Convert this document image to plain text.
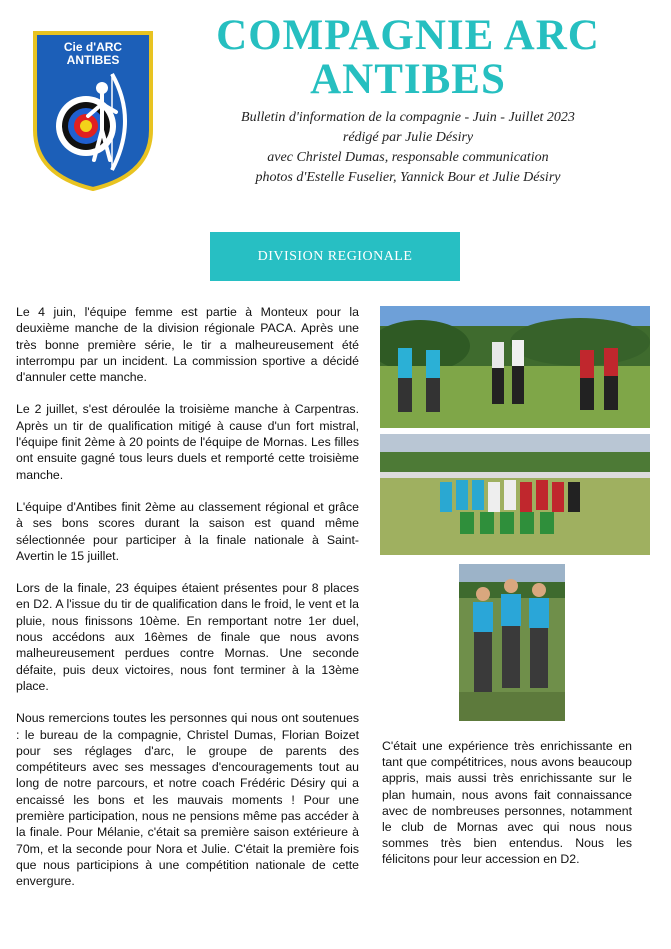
Cie d'ARC
ANTIBES
COMPAGNIE ARC
ANTIBES
Bulletin d'information de la compagnie - Juin - Juillet 2023
rédigé par Julie Désiry
avec Christel Dumas, responsable communication
photos d'Estelle Fuselier, Yannick Bour et Julie Désiry
DIVISION REGIONALE

Le 4 juin, l'équipe femme est partie à Monteux pour la deuxième manche de la division régionale PACA. Après une très bonne première série, le tir a malheureusement été interrompu par un incident. La commission sportive a décidé d'annuler cette manche.

Le 2 juillet, s'est déroulée la troisième manche à Carpentras. Après un tir de qualification mitigé à cause d'un fort mistral, l'équipe finit 2ème à 20 points de l'équipe de Mornas. Les filles ont ensuite gagné tous leurs duels et remporté cette troisième manche.

L'équipe d'Antibes finit 2ème au classement régional et grâce à ses bons scores durant la saison est quand même sélectionnée pour participer à la finale nationale à Saint-Avertin le 15 juillet.

Lors de la finale, 23 équipes étaient présentes pour 8 places en D2. A l'issue du tir de qualification dans le froid, le vent et la pluie, nous finissons 10ème. En remportant notre 1er duel, nous accédons aux 16èmes de finale que nous avons malheureusement perdues contre Mornas. Une seconde défaite, puis deux victoires, nous font terminer à la 13ème place.

Nous remercions toutes les personnes qui nous ont soutenues : le bureau de la compagnie, Christel Dumas, Florian Boizet pour ses réglages d'arc, le groupe de parents des compétiteurs avec ses messages d'encouragements tout au long de notre parcours, et notre coach Frédéric Désiry qui a encaissé les bons et les mauvais moments ! Pour une première participation, nous ne pensions même pas accéder à la finale. Pour Mélanie, c'était sa première saison extérieure à 70m, et la seconde pour Nora et Julie. C'était la première fois que nous participions à une compétition nationale de cette envergure.

C'était une expérience très enrichissante en tant que compétitrices, nous avons beaucoup appris, mais aussi très enrichissante sur le plan humain, nous avons fait connaissance avec de nombreuses personnes, notamment le club de Mornas avec qui nous nous sommes très bien entendus. Nous les félicitons pour leur accession en D2.
